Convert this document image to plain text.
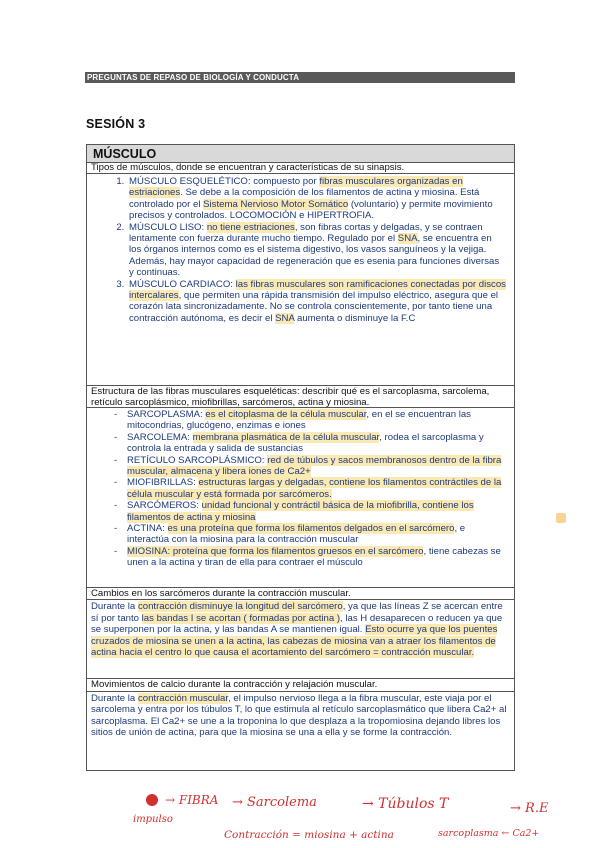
PREGUNTAS DE REPASO DE BIOLOGÍA Y CONDUCTA
SESIÓN 3
MÚSCULO
Tipos de músculos, donde se encuentran y características de su sinapsis.
1. MÚSCULO ESQUELÉTICO: compuesto por fibras musculares organizadas en estriaciones. Se debe a la composición de los filamentos de actina y miosina. Está controlado por el Sistema Nervioso Motor Somático (voluntario) y permite movimiento precisos y controlados. LOCOMOCIÓN e HIPERTROFIA.
2. MÚSCULO LISO: no tiene estriaciones, son fibras cortas y delgadas, y se contraen lentamente con fuerza durante mucho tiempo. Regulado por el SNA, se encuentra en los órganos internos como es el sistema digestivo, los vasos sanguíneos y la vejiga. Además, hay mayor capacidad de regeneración que es esenia para funciones diversas y continuas.
3. MÚSCULO CARDIACO: las fibras musculares son ramificaciones conectadas por discos intercalares, que permiten una rápida transmisión del impulso eléctrico, asegura que el corazón lata sincronizadamente. No se controla conscientemente, por tanto tiene una contracción autónoma, es decir el SNA aumenta o disminuye la F.C
Estructura de las fibras musculares esqueléticas: describir qué es el sarcoplasma, sarcolema, retículo sarcoplásmico, miofibrillas, sarcómeros, actina y miosina.
- SARCOPLASMA: es el citoplasma de la célula muscular, en el se encuentran las mitocondrias, glucógeno, enzimas e iones
- SARCOLEMA: membrana plasmática de la célula muscular, rodea el sarcoplasma y controla la entrada y salida de sustancias
- RETÍCULO SARCOPLÁSMICO: red de túbulos y sacos membranosos dentro de la fibra muscular, almacena y libera iones de Ca2+
- MIOFIBRILLAS: estructuras largas y delgadas, contiene los filamentos contráctiles de la célula muscular y está formada por sarcómeros.
- SARCÓMEROS: unidad funcional y contráctil básica de la miofibrilla, contiene los filamentos de actina y miosina
- ACTINA: es una proteína que forma los filamentos delgados en el sarcómero, e interactúa con la miosina para la contracción muscular
- MIOSINA: proteína que forma los filamentos gruesos en el sarcómero, tiene cabezas se unen a la actina y tiran de ella para contraer el músculo
Cambios en los sarcómeros durante la contracción muscular.
Durante la contracción disminuye la longitud del sarcómero, ya que las líneas Z se acercan entre sí por tanto las bandas I se acortan ( formadas por actina ), las H desaparecen o reducen ya que se superponen por la actina, y las bandas A se mantienen igual. Esto ocurre ya que los puentes cruzados de miosina se unen a la actina, las cabezas de miosina van a atraer los filamentos de actina hacia el centro lo que causa el acortamiento del sarcómero = contracción muscular.
Movimientos de calcio durante la contracción y relajación muscular.
Durante la contracción muscular, el impulso nervioso llega a la fibra muscular, este viaja por el sarcolema y entra por los túbulos T, lo que estimula al retículo sarcoplasmático que libera Ca2+ al sarcoplasma. El Ca2+ se une a la troponina lo que desplaza a la tropomiosina dejando libres los sitios de unión de actina, para que la miosina se una a ella y se forme la contracción.
→ FIBRA → Sarcolema	→ Túbulos T	→ R.E
impulso
Contracción = miosina + actina	sarcoplasma ← Ca2+
